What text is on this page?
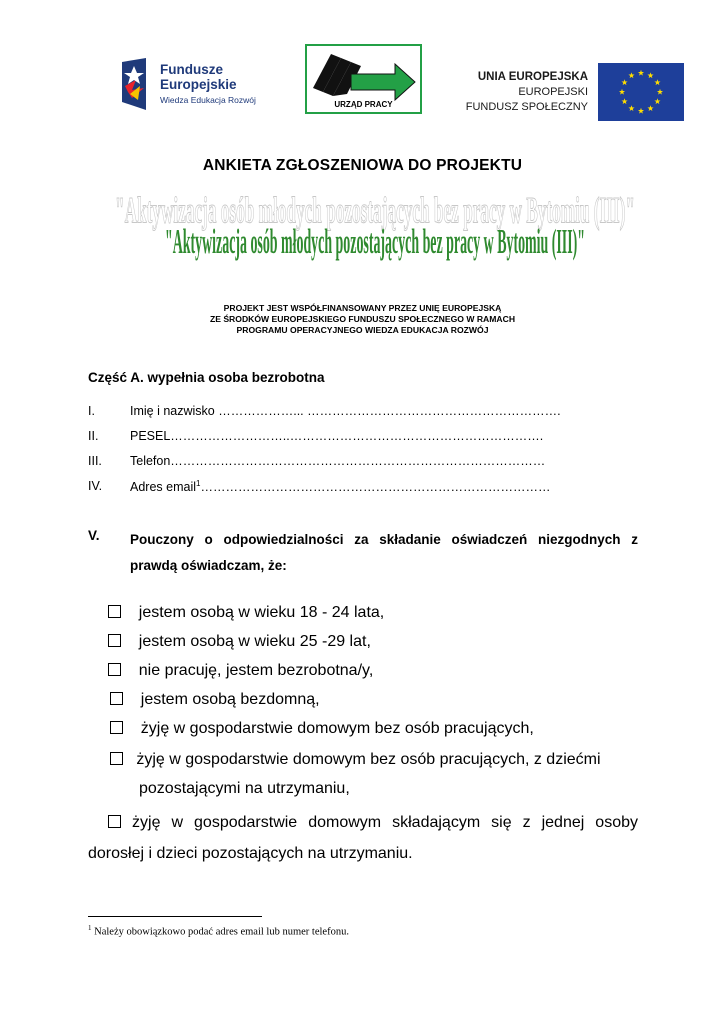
Fundusze
Europejskie
Wiedza Edukacja Rozwój	URZĄD PRACY
UNIA EUROPEJSKA
EUROPEJSKI
FUNDUSZ SPOŁECZNY
ANKIETA ZGŁOSZENIOWA DO PROJEKTU
"Aktywizacja osób młodych pozostających bez pracy w Bytomiu (III)"
"Aktywizacja osób młodych pozostających bez pracy w Bytomiu (III)"
PROJEKT JEST WSPÓŁFINANSOWANY PRZEZ UNIĘ EUROPEJSKĄ
ZE ŚRODKÓW EUROPEJSKIEGO FUNDUSZU SPOŁECZNEGO W RAMACH
PROGRAMU OPERACYJNEGO WIEDZA EDUKACJA ROZWÓJ
Część A. wypełnia osoba bezrobotna
I.	Imię i nazwisko ………………... …………………………………………………….
II.	PESEL………………………..…………………………………………………….
III. Telefon………………………………………………………………………………
IV. Adres email$^1$…………………………………………………………………………
V. Pouczony o odpowiedzialności za składanie oświadczeń niezgodnych z prawdą oświadczam, że:
jestem osobą w wieku 18 - 24 lata,
jestem osobą w wieku 25 -29 lat,
nie pracuję, jestem bezrobotna/y,
jestem osobą bezdomną,
żyję w gospodarstwie domowym bez osób pracujących,
żyję w gospodarstwie domowym bez osób pracujących, z dziećmi
pozostającymi na utrzymaniu,
żyję w gospodarstwie domowym składającym się z jednej osoby dorosłej i dzieci pozostających na utrzymaniu.
$^1$ Należy obowiązkowo podać adres email lub numer telefonu.
